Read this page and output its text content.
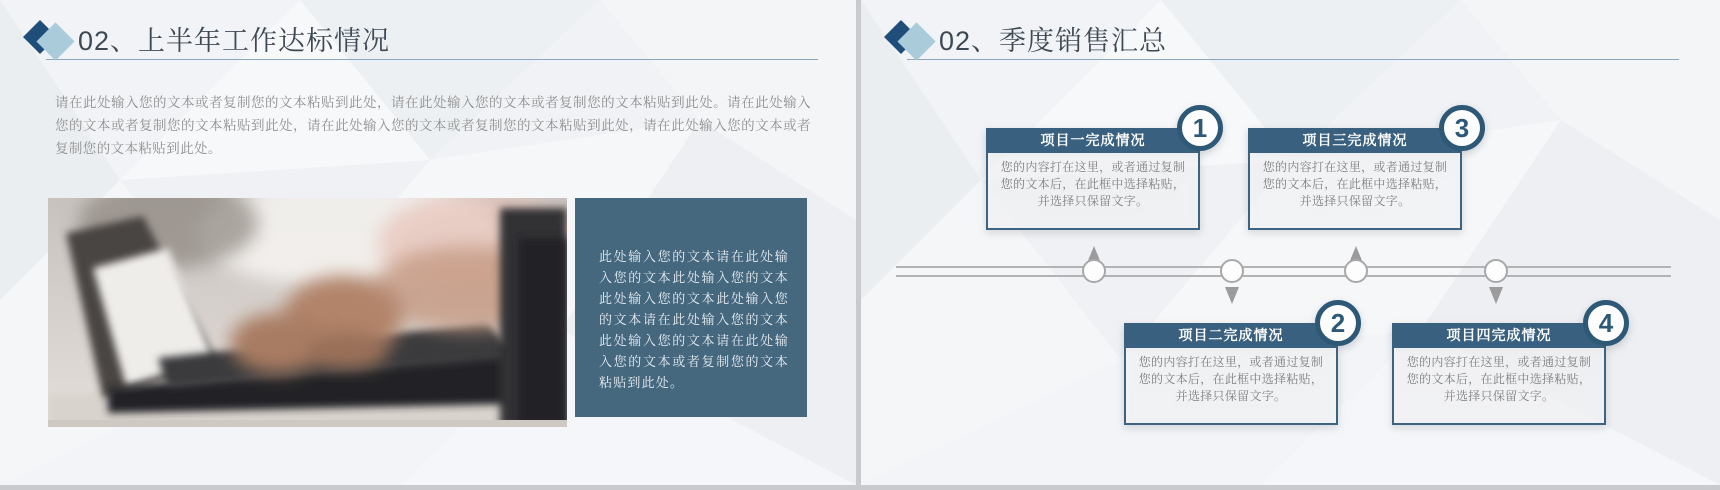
02、上半年工作达标情况

请在此处输入您的文本或者复制您的文本粘贴到此处，请在此处输入您的文本或者复制您的文本粘贴到此处。请在此处输入您的文本或者复制您的文本粘贴到此处，请在此处输入您的文本或者复制您的文本粘贴到此处，请在此处输入您的文本或者复制您的文本粘贴到此处。

此处输入您的文本请在此处输入您的文本此处输入您的文本此处输入您的文本此处输入您的文本请在此处输入您的文本此处输入您的文本请在此处输入您的文本或者复制您的文本粘贴到此处。

02、季度销售汇总
项目一完成情况

您的内容打在这里，或者通过复制您的文本后，在此框中选择粘贴，并选择只保留文字。

1
项目二完成情况

您的内容打在这里，或者通过复制您的文本后，在此框中选择粘贴，并选择只保留文字。

2
项目三完成情况

您的内容打在这里，或者通过复制您的文本后，在此框中选择粘贴，并选择只保留文字。

3
项目四完成情况

您的内容打在这里，或者通过复制您的文本后，在此框中选择粘贴，并选择只保留文字。

4
